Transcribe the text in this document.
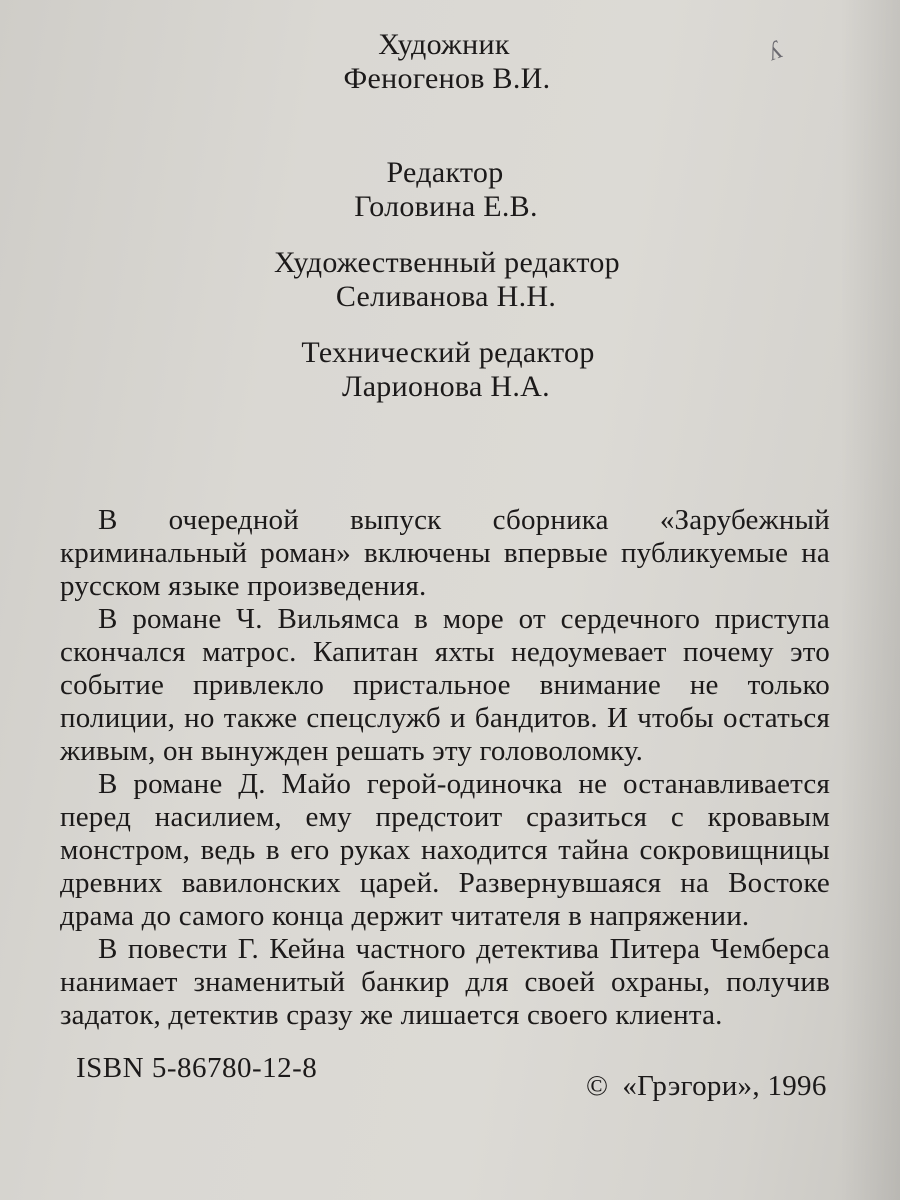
ʎ
Художник
Феногенов В.И.
Редактор
Головина Е.В.
Художественный редактор
Селиванова Н.Н.
Технический редактор
Ларионова Н.А.

В очередной выпуск сборника «Зарубежный криминальный роман» включены впервые публикуемые на русском языке произведения.

В романе Ч. Вильямса в море от сердечного приступа скончался матрос. Капитан яхты недоумевает почему это событие привлекло пристальное внимание не только полиции, но также спецслужб и бандитов. И чтобы остаться живым, он вынужден решать эту головоломку.

В романе Д. Майо герой-одиночка не останавливается перед насилием, ему предстоит сразиться с кровавым монстром, ведь в его руках находится тайна сокровищницы древних вавилонских царей. Развернувшаяся на Востоке драма до самого конца держит читателя в напряжении.

В повести Г. Кейна частного детектива Питера Чемберса нанимает знаменитый банкир для своей охраны, получив задаток, детектив сразу же лишается своего клиента.

ISBN 5-86780-12-8
© «Грэгори», 1996
